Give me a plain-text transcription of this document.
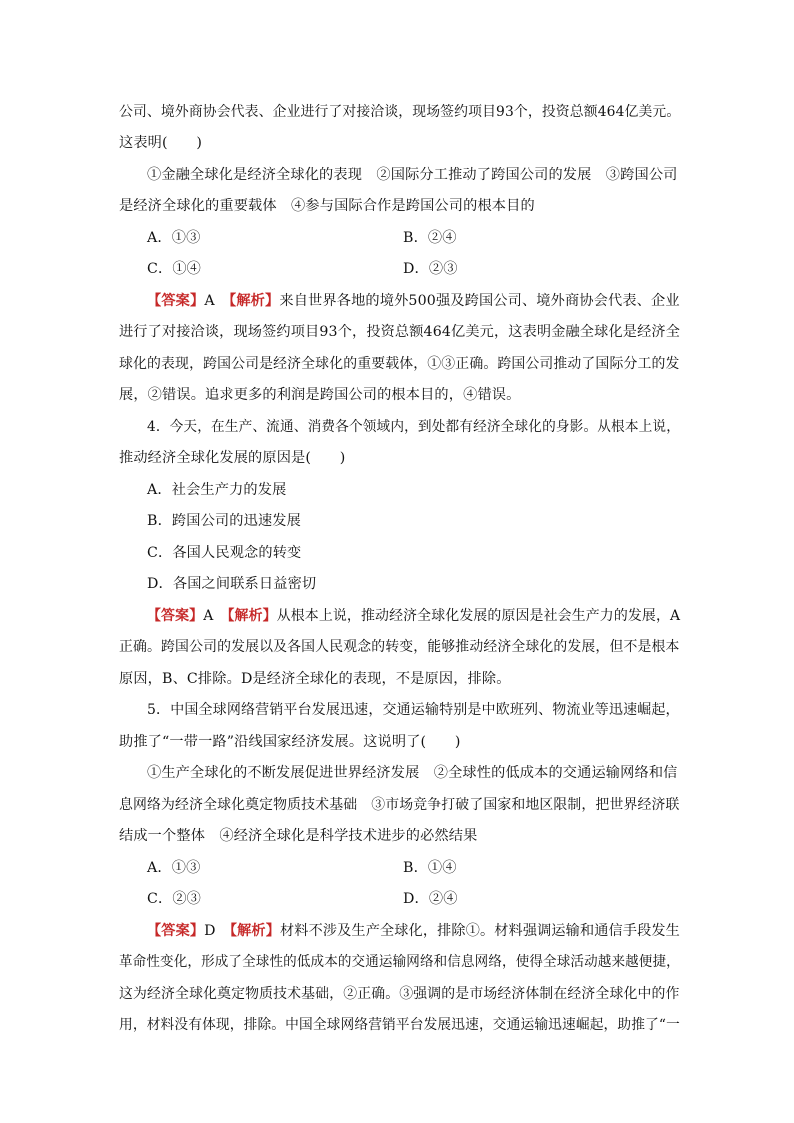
公司、境外商协会代表、企业进行了对接洽谈，现场签约项目93个，投资总额464亿美元。
这表明(　　)
①金融全球化是经济全球化的表现　②国际分工推动了跨国公司的发展　③跨国公司
是经济全球化的重要载体　④参与国际合作是跨国公司的根本目的
A．①③	B．②④
C．①④	D．②③
【答案】A　 【解析】来自世界各地的境外500强及跨国公司、境外商协会代表、企业
进行了对接洽谈，现场签约项目93个，投资总额464亿美元，这表明金融全球化是经济全
球化的表现，跨国公司是经济全球化的重要载体，①③正确。跨国公司推动了国际分工的发
展，②错误。追求更多的利润是跨国公司的根本目的，④错误。
4．今天，在生产、流通、消费各个领域内，到处都有经济全球化的身影。从根本上说，
推动经济全球化发展的原因是(　　)
A．社会生产力的发展
B．跨国公司的迅速发展
C．各国人民观念的转变
D．各国之间联系日益密切
【答案】A　 【解析】从根本上说，推动经济全球化发展的原因是社会生产力的发展，A
正确。跨国公司的发展以及各国人民观念的转变，能够推动经济全球化的发展，但不是根本
原因，B、C排除。D是经济全球化的表现，不是原因，排除。
5．中国全球网络营销平台发展迅速，交通运输特别是中欧班列、物流业等迅速崛起，
助推了“一带一路”沿线国家经济发展。这说明了(　　)
①生产全球化的不断发展促进世界经济发展　②全球性的低成本的交通运输网络和信
息网络为经济全球化奠定物质技术基础　③市场竞争打破了国家和地区限制，把世界经济联
结成一个整体　④经济全球化是科学技术进步的必然结果
A．①③	B．①④
C．②③	D．②④
【答案】D　 【解析】材料不涉及生产全球化，排除①。材料强调运输和通信手段发生
革命性变化，形成了全球性的低成本的交通运输网络和信息网络，使得全球活动越来越便捷，
这为经济全球化奠定物质技术基础，②正确。③强调的是市场经济体制在经济全球化中的作
用，材料没有体现，排除。中国全球网络营销平台发展迅速，交通运输迅速崛起，助推了“一
